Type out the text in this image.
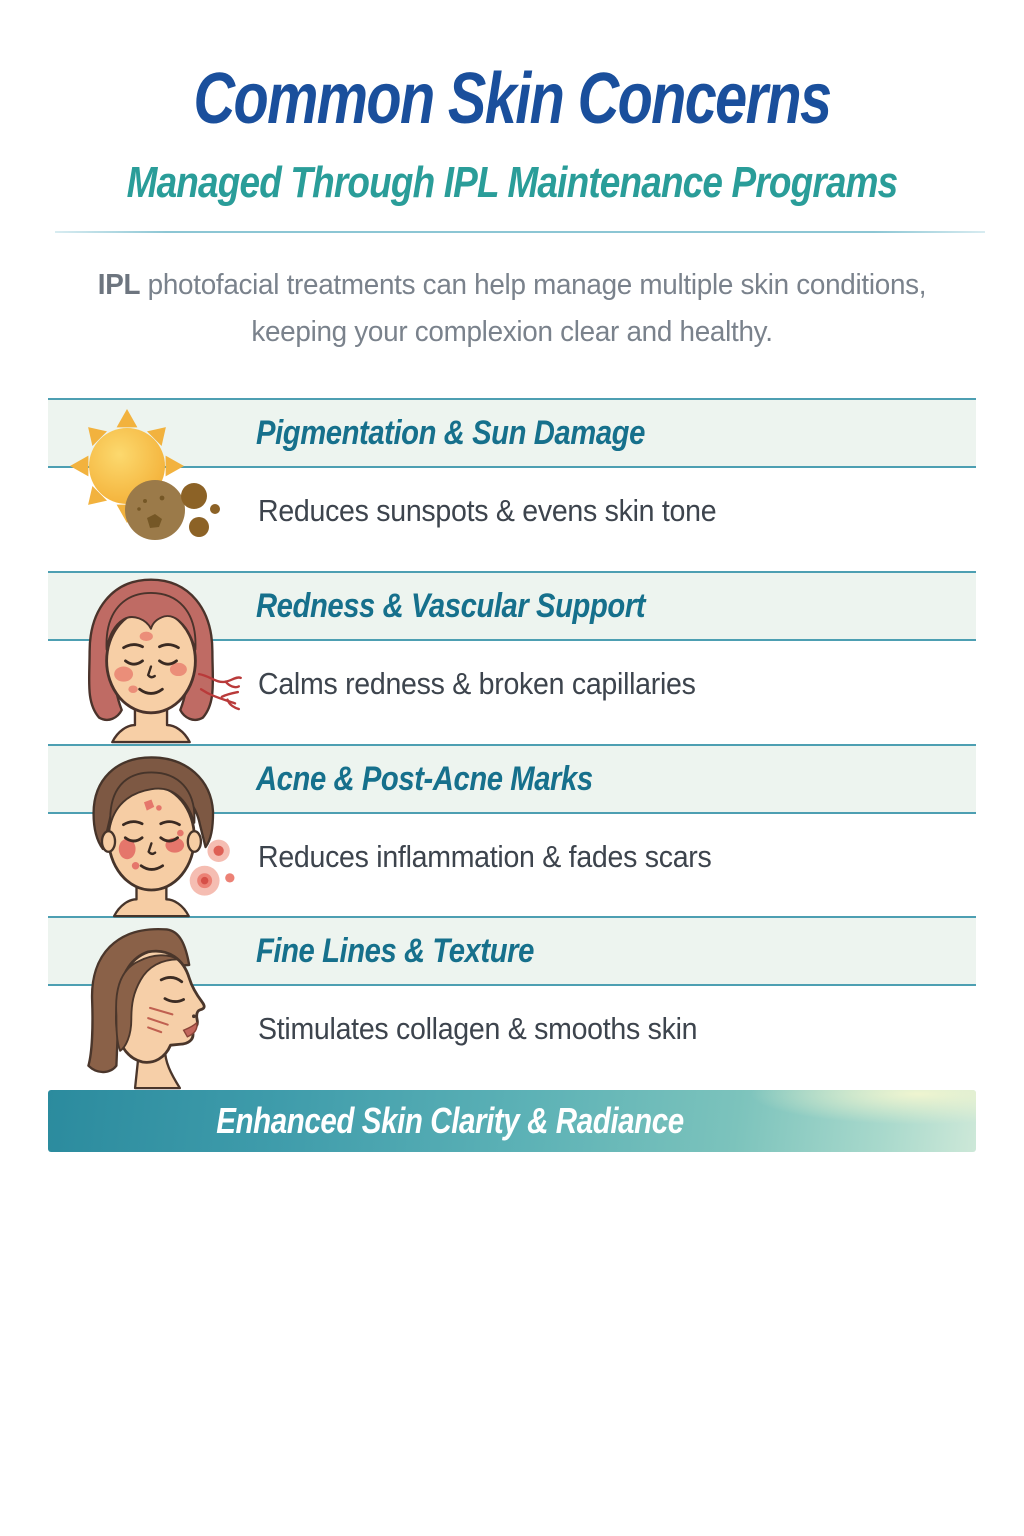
Common Skin Concerns
Managed Through IPL Maintenance Programs

IPL photofacial treatments can help manage multiple skin conditions,
keeping your complexion clear and healthy.

Pigmentation & Sun Damage

Reduces sunspots & evens skin tone

Redness & Vascular Support

Calms redness & broken capillaries

Acne & Post-Acne Marks

Reduces inflammation & fades scars

Fine Lines & Texture

Stimulates collagen & smooths skin

Enhanced Skin Clarity & Radiance
